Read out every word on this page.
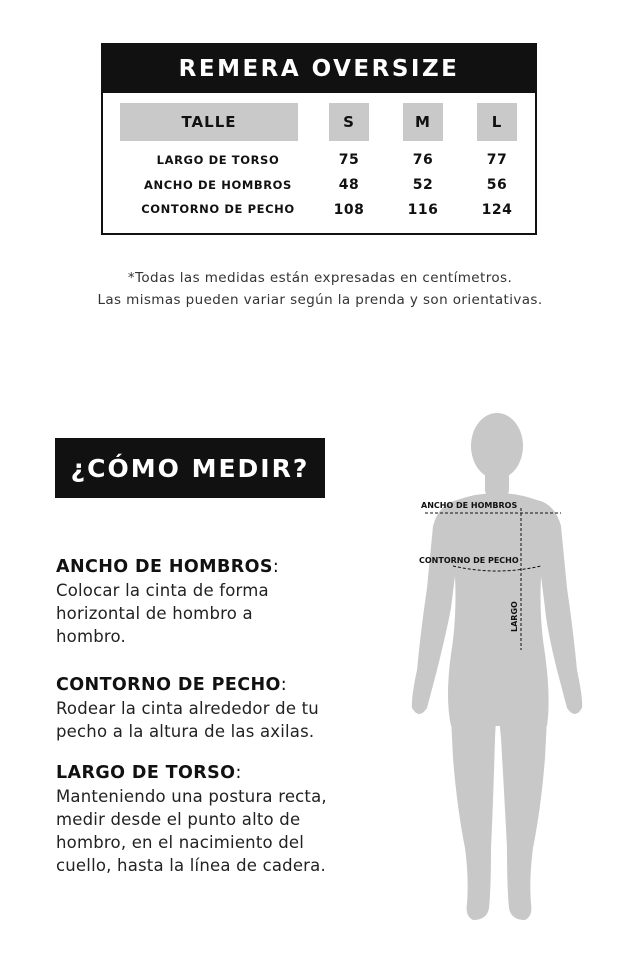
REMERA OVERSIZE
TALLE	S	M	L
LARGO DE TORSO	75	76	77
ANCHO DE HOMBROS	48	52	56
CONTORNO DE PECHO	108	116	124
*Todas las medidas están expresadas en centímetros.
Las mismas pueden variar según la prenda y son orientativas.
¿CÓMO MEDIR?
ANCHO DE HOMBROS:

Colocar la cinta de forma horizontal de hombro a hombro.

CONTORNO DE PECHO:

Rodear la cinta alrededor de tu pecho a la altura de las axilas.

LARGO DE TORSO:

Manteniendo una postura recta, medir desde el punto alto de hombro, en el nacimiento del cuello, hasta la línea de cadera.

ANCHO DE HOMBROS
CONTORNO DE PECHO
LARGO
